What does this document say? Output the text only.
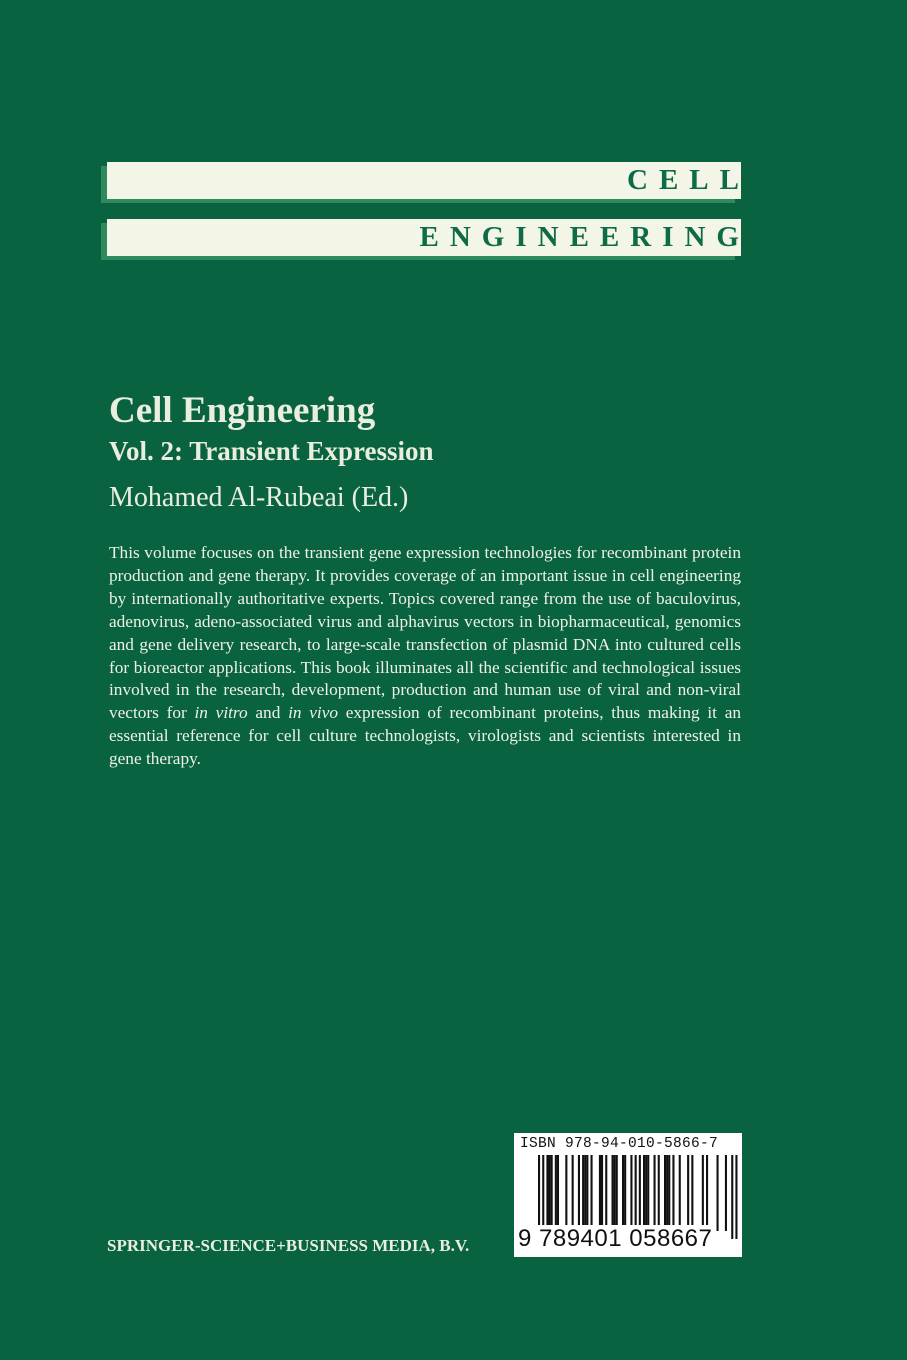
CELL
ENGINEERING
Cell Engineering
Vol. 2: Transient Expression
Mohamed Al-Rubeai (Ed.)

This volume focuses on the transient gene expression technologies for recombinant protein production and gene therapy. It provides coverage of an important issue in cell engineering by internationally authoritative experts. Topics covered range from the use of baculovirus, adenovirus, adeno-associated virus and alphavirus vectors in biopharmaceutical, genomics and gene delivery research, to large-scale transfection of plasmid DNA into cultured cells for bioreactor applications. This book illuminates all the scientific and technological issues involved in the research, development, production and human use of viral and non-viral vectors for in vitro and in vivo expression of recombinant proteins, thus making it an essential reference for cell culture technologists, virologists and scientists interested in gene therapy.

SPRINGER-SCIENCE+BUSINESS MEDIA, B.V.
ISBN 978-94-010-5866-7
9 789401 058667
